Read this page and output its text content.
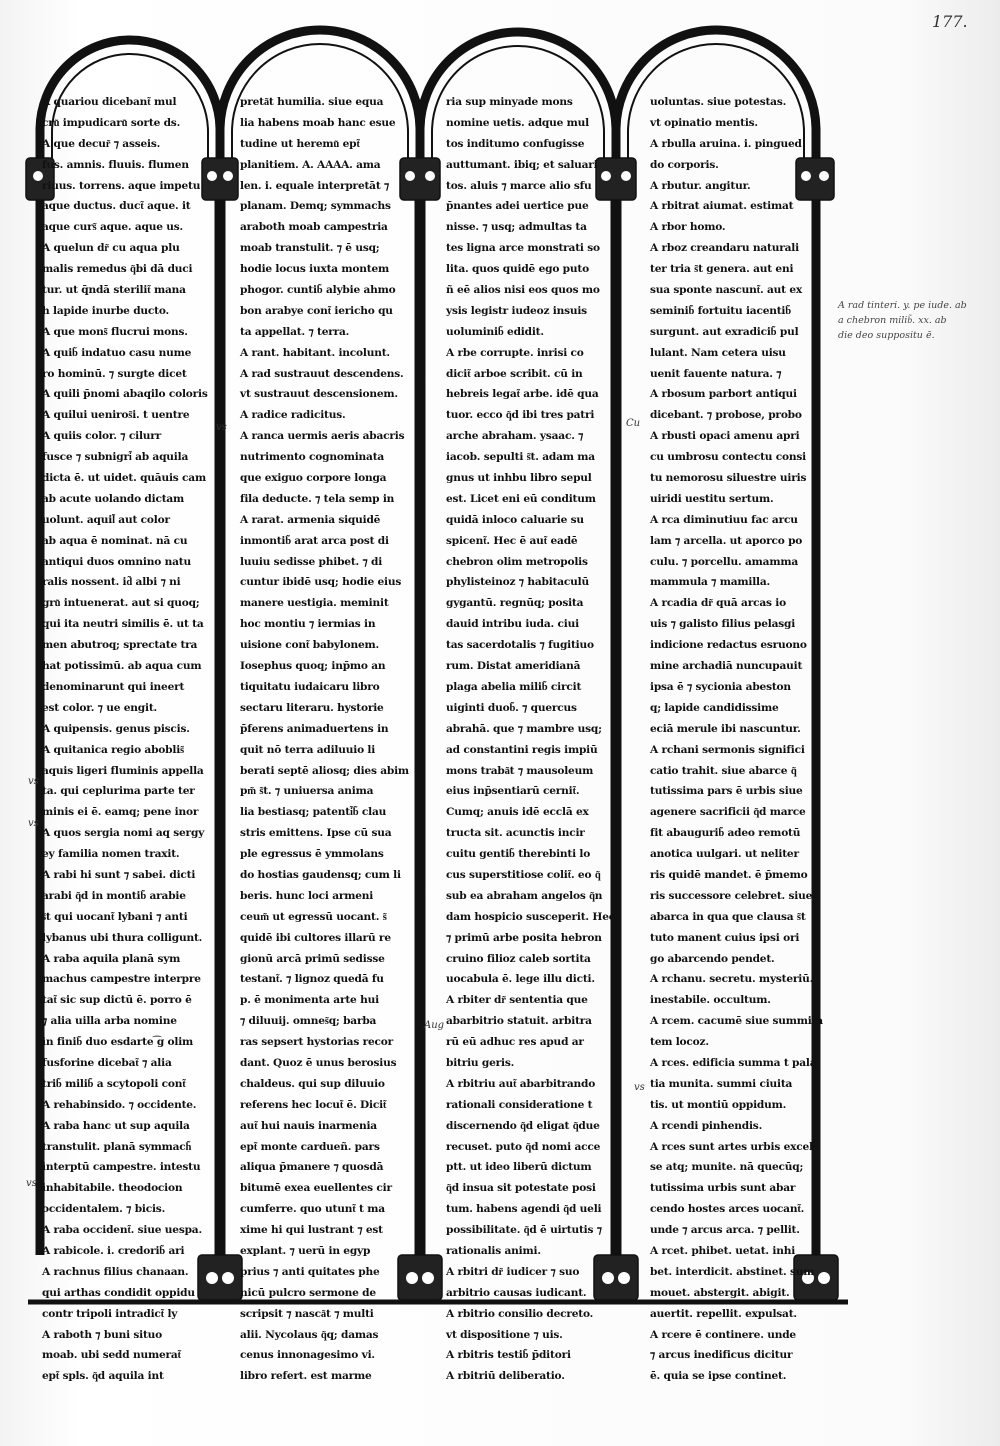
177.
A quariou dicebant͂ mul
cru͂ impudicaru͂ sorte ds.
A que decur͂ ⁊ asseis.
fus. amnis. fluuis. flumen
riuus. torrens. aque impetu
aque ductus. duct͂ aque. it
aque curs͂ aque. aque us.
A quelun dr͂ cu aqua plu
malis remedus q͂bi dā duci
tur. ut q̄ndā sterilit͂ mana
h lapide inurbe ducto.
A que mons͂ flucrui mons.
A quib͂ indatuo casu nume
ro hominū. ⁊ surgte dicet
A quili p̄nomi abaqilo coloris
A quilui ueniros͂i. t uentre
A quiis color. ⁊ cilurr
fusce ⁊ subnigri͂ ab aquila
dicta ē. ut uidet. quāuis cam
ab acute uolando dictam
uolunt. aquil͂ aut color
ab aqua ē nominat. nā cu
antiqui duos omnino natu
ralis nossent. id͂ albi ⁊ ni
gru͂ intuenerat. aut si quoq;
qui ita neutri similis ē. ut ta
men abutroq; sprectate tra
hat potissimū. ab aqua cum
denominarunt qui ineert
est color. ⁊ ue engit.
A quipensis. genus piscis.
A quitanica regio aboblis͂
aquis ligeri fluminis appella
ta. qui ceplurima parte ter
minis ei ē. eamq; pene inor
A quos sergia nomi aq sergy
ey familia nomen traxit.
A rabi hi sunt ⁊ sabei. dicti
arabi q͂d in montib͂ arabie
s͂t qui uocant͂ lybani ⁊ anti
lybanus ubi thura colligunt.
A raba aquila planā sym
machus campestre interpre
tat͂ sic sup dictū ē. porro ē
⁊ alia uilla arba nomine
in finib͂ duo esdarte ͡g olim
fusforine dicebat͂ ⁊ alia
trib͂ milib͂ a scytopoli cont͂
A rehabinsido. ⁊ occidente.
A raba hanc ut sup aquila
transtulit. planā symmach͂
interptū campestre. intestu
inhabitabile. theodocion
occidentalem. ⁊ bicis.
A raba occident͂. siue uespa.
A rabicole. i. credorib͂ ari
A rachnus filius chanaan.
qui arthas condidit oppidu
contr tripoli intradict͂ ly
A raboth ⁊ buni situo
moab. ubi sedd numerat͂
ept͂ spls. q͂d aquila int
preta͂t humilia. siue equa
lia habens moab hanc esue
tudine ut heremu͂ ept͂
planitiem. A. AAAA. ama
len. i. equale interpretāt ⁊
planam. Demq; symmachs
araboth moab campestria
moab transtulit. ⁊ ē usq;
hodie locus iuxta montem
phogor. cuntib͂ alybie ahmo
bon arabye cont͂ iericho qu
ta appellat. ⁊ terra.
A rant. habitant. incolunt.
A rad sustrauut descendens.
vt sustrauut descensionem.
A radice radicitus.
A ranca uermis aeris abacris
nutrimento cognominata
que exiguo corpore longa
fila deducte. ⁊ tela semp in
A rarat. armenia siquidē
inmontib͂ arat arca post di
luuiu sedisse phibet. ⁊ di
cuntur ibidē usq; hodie eius
manere uestigia. meminit
hoc montiu ⁊ iermias in
uisione cont͂ babylonem.
Iosephus quoq; inp̄mo an
tiquitatu iudaicaru libro
sectaru literaru. hystorie
p̄ferens animaduertens in
quit nō terra adiluuio li
berati septē aliosq; dies abim
pm͂ s͂t. ⁊ uniuersa anima
lia bestiasq; patenti͂b͂ clau
stris emittens. Ipse cū sua
ple egressus ē ymmolans
do hostias gaudensq; cum li
beris. hunc loci armeni
ceum͂ ut egressū uocant. s͂
quidē ibi cultores illarū re
gionū arcā primū sedisse
testant͂. ⁊ lignoz quedā fu
p. ē monimenta arte hui
⁊ diluuij. omnes͂q; barba
ras sepsert hystorias recor
dant. Quoz ē unus berosius
chaldeus. qui sup diluuio
referens hec locut͂ ē. Dicit͂
aut͂ hui nauis inarmenia
ept͂ monte cardueñ. pars
aliqua p̄manere ⁊ quosdā
bitumē exea euellentes cir
cumferre. quo utunt͂ t ma
xime hi qui lustrant ⁊ est
explant. ⁊ uerū in egyp
prius ⁊ anti quitates phe
nicū pulcro sermone de
scripsit ⁊ nasca͂t ⁊ multi
alii. Nycolaus q͂q; damas
cenus innonagesimo vi.
libro refert. est marme
ria sup minyade mons
nomine uetis. adque mul
tos inditumo confugisse
auttumant. ibiq; et saluari
tos. aluis ⁊ marce alio sfu
p̄nantes adei uertice pue
nisse. ⁊ usq; admultas ta
tes ligna arce monstrati so
lita. quos quidē ego puto
ñ eē alios nisi eos quos mo
ysis legistr iudeoz insuis
uoluminib͂ edidit.
A rbe corrupte. inrisi co
dicit͂ arboe scribit. cū in
hebreis legat͂ arbe. idē qua
tuor. ecco q͂d ibi tres patri
arche abraham. ysaac. ⁊
iacob. sepulti s͂t. adam ma
gnus ut inhbu libro sepul
est. Licet eni eū conditum
quidā inloco caluarie su
spicent͂. Hec ē aut͂ eadē
chebron olim metropolis
phylisteinoz ⁊ habitaculū
gygantū. regnūq; posita
dauid intribu iuda. ciui
tas sacerdotalis ⁊ fugitiuo
rum. Distat ameridianā
plaga abelia milib͂ circit
uiginti duob͂. ⁊ quercus
abrahā. que ⁊ mambre usq;
ad constantini regis impiū
mons traba͂t ⁊ mausoleum
eius inp̄sentiarū cernit͂.
Cumq; anuis idē ecclā ex
tructa sit. acunctis incir
cuitu gentib͂ therebinti lo
cus superstitiose colit͂. eo q͂
sub ea abraham angelos q͂n
dam hospicio susceperit. Hec
⁊ primū arbe posita hebron
cruino filioz caleb sortita
uocabula ē. lege illu dicti.
A rbiter dr͂ sententia que
abarbitrio statuit. arbitra
rū eū adhuc res apud ar
bitriu geris.
A rbitriu aut͂ abarbitrando
rationali consideratione t
discernendo q͂d eligat q͂due
recuset. puto q͂d nomi acce
ptt. ut ideo liberū dictum
q͂d insua sit potestate posi
tum. habens agendi q͂d ueli
possibilitate. q͂d ē uirtutis ⁊
rationalis animi.
A rbitri dr͂ iudicer ⁊ suo
arbitrio causas iudicant.
A rbitrio consilio decreto.
vt dispositione ⁊ uis.
A rbitris testib͂ p̄ditori
A rbitriū deliberatio.
uoluntas. siue potestas.
vt opinatio mentis.
A rbulla aruina. i. pingued
do corporis.
A rbutur. angitur.
A rbitrat aiumat. estimat
A rbor homo.
A rboz creandaru naturali
ter tria s͂t genera. aut eni
sua sponte nascunt͂. aut ex
seminib͂ fortuitu iacentib͂
surgunt. aut exradicib͂ pul
lulant. Nam cetera uisu
uenit fauente natura. ⁊
A rbosum parbort antiqui
dicebant. ⁊ probose, probo
A rbusti opaci amenu apri
cu umbrosu contectu consi
tu nemorosu siluestre uiris
uiridi uestitu sertum.
A rca diminutiuu fac arcu
lam ⁊ arcella. ut aporco po
culu. ⁊ porcellu. amamma
mammula ⁊ mamilla.
A rcadia dr͂ quā arcas io
uis ⁊ galisto filius pelasgi
indicione redactus esruono
mine archadiā nuncupauit
ipsa ē ⁊ sycionia abeston
q; lapide candidissime
eciā merule ibi nascuntur.
A rchani sermonis significi
catio trahit. siue abarce q͂
tutissima pars ē urbis siue
agenere sacrificii q͂d marce
fit abaugurib͂ adeo remotū
anotica uulgari. ut neliter
ris quidē mandet. ē p̄memo
ris successore celebret. siue
abarca in qua que clausa s͂t
tuto manent cuius ipsi ori
go abarcendo pendet.
A rchanu. secretu. mysteriū.
inestabile. occultum.
A rcem. cacumē siue summita
tem locoz.
A rces. edificia summa t pala
tia munita. summi ciuita
tis. ut montiū oppidum.
A rcendi pinhendis.
A rces sunt artes urbis excel
se atq; munite. nā quecūq;
tutissima urbis sunt abar
cendo hostes arces uocant͂.
unde ⁊ arcus arca. ⁊ pellit.
A rcet. phibet. uetat. inhi
bet. interdicit. abstinet. sum
mouet. abstergit. abigit.
auertit. repellit. expulsat.
A rcere ē continere. unde
⁊ arcus inedificus dicitur
ē. quia se ipse continet.
A rad tinteri. y. pe iude. ab
a chebron milib͂. xx. ab
die deo suppositu ē.
vs
vs
vs
Aug
Cu
vs
vs
